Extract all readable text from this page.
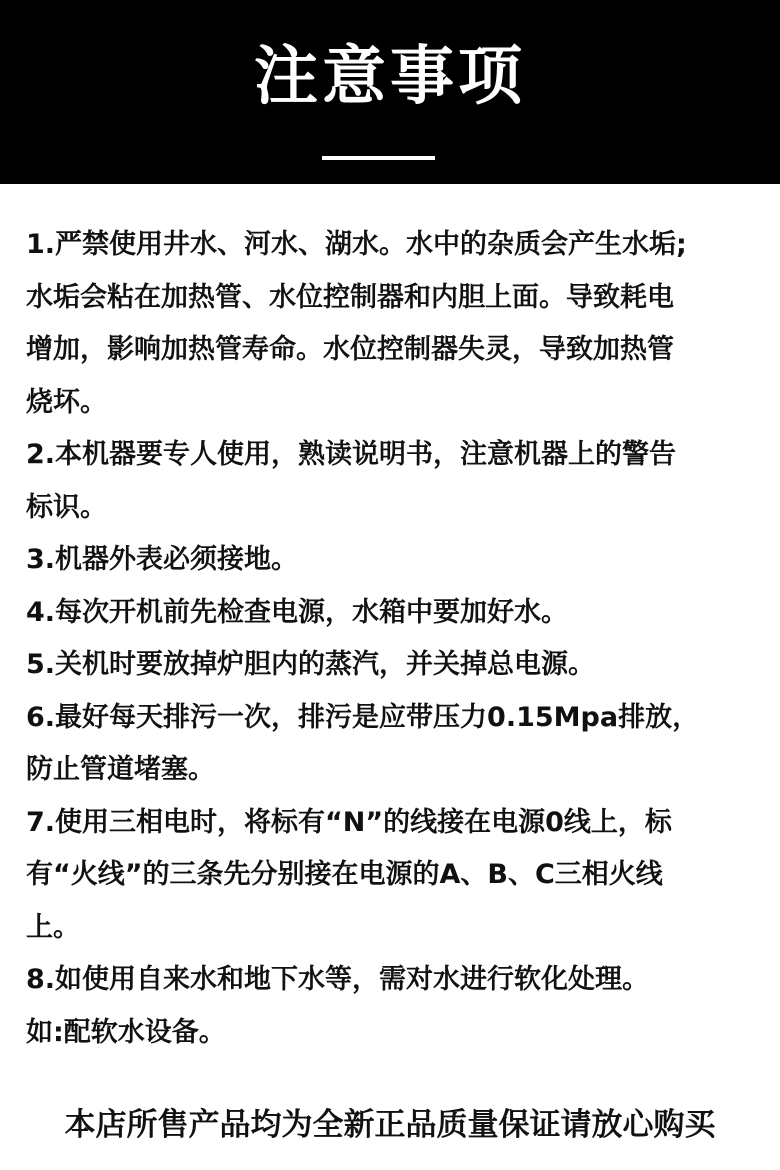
注意事项
1.严禁使用井水、河水、湖水。水中的杂质会产生水垢;
水垢会粘在加热管、水位控制器和内胆上面。导致耗电
增加，影响加热管寿命。水位控制器失灵，导致加热管
烧坏。
2.本机器要专人使用，熟读说明书，注意机器上的警告
标识。
3.机器外表必须接地。
4.每次开机前先检查电源，水箱中要加好水。
5.关机时要放掉炉胆内的蒸汽，并关掉总电源。
6.最好每天排污一次，排污是应带压力0.15Mpa排放，
防止管道堵塞。
7.使用三相电时，将标有“N”的线接在电源0线上，标
有“火线”的三条先分别接在电源的A、B、C三相火线
上。
8.如使用自来水和地下水等，需对水进行软化处理。
如:配软水设备。
本店所售产品均为全新正品质量保证请放心购买
